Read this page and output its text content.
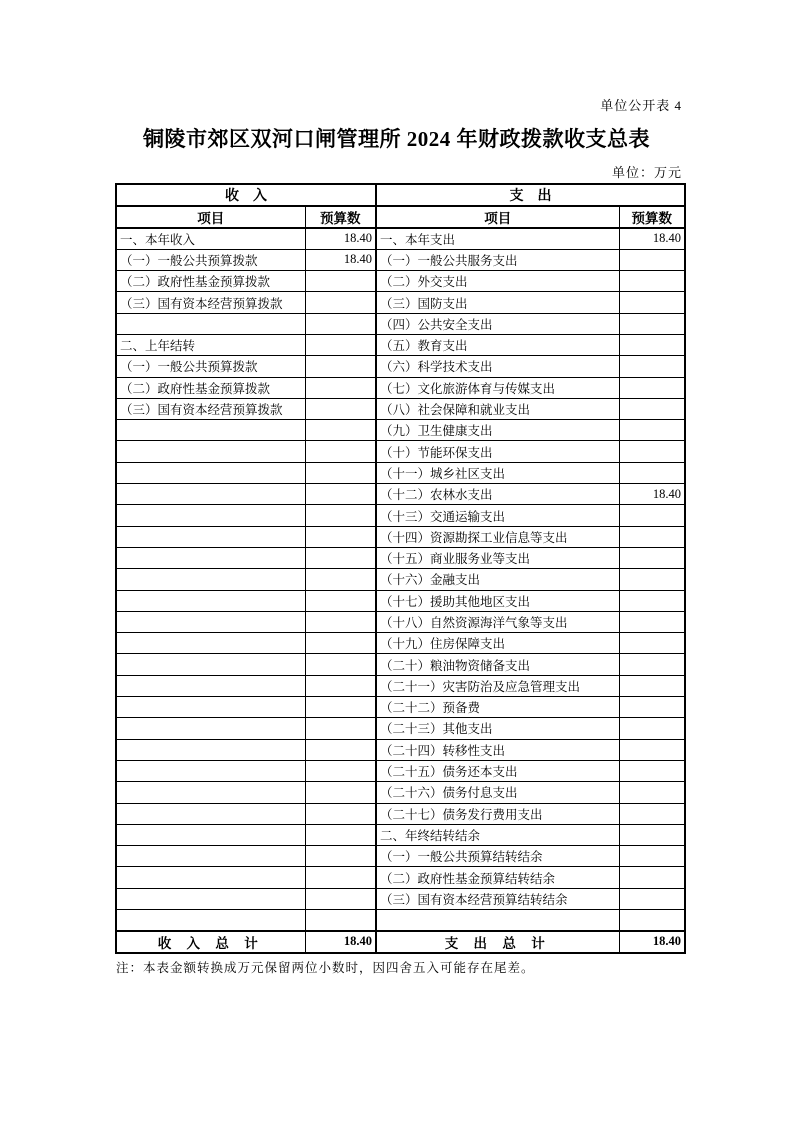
单位公开表 4
铜陵市郊区双河口闸管理所 2024 年财政拨款收支总表
单位：万元
收　入		支　出	
项目	预算数	项目	预算数
一、本年收入	18.40	一、本年支出	18.40
（一）一般公共预算拨款	18.40	（一）一般公共服务支出	
（二）政府性基金预算拨款		（二）外交支出	
（三）国有资本经营预算拨款		（三）国防支出	
		（四）公共安全支出	
二、上年结转		（五）教育支出	
（一）一般公共预算拨款		（六）科学技术支出	
（二）政府性基金预算拨款		（七）文化旅游体育与传媒支出	
（三）国有资本经营预算拨款		（八）社会保障和就业支出	
		（九）卫生健康支出	
		（十）节能环保支出	
		（十一）城乡社区支出	
		（十二）农林水支出	18.40
		（十三）交通运输支出	
		（十四）资源勘探工业信息等支出	
		（十五）商业服务业等支出	
		（十六）金融支出	
		（十七）援助其他地区支出	
		（十八）自然资源海洋气象等支出	
		（十九）住房保障支出	
		（二十）粮油物资储备支出	
		（二十一）灾害防治及应急管理支出	
		（二十二）预备费	
		（二十三）其他支出	
		（二十四）转移性支出	
		（二十五）债务还本支出	
		（二十六）债务付息支出	
		（二十七）债务发行费用支出	
		二、年终结转结余	
		（一）一般公共预算结转结余	
		（二）政府性基金预算结转结余	
		（三）国有资本经营预算结转结余	

收 入 总 计	18.40	支 出 总 计	18.40
注：本表金额转换成万元保留两位小数时，因四舍五入可能存在尾差。
